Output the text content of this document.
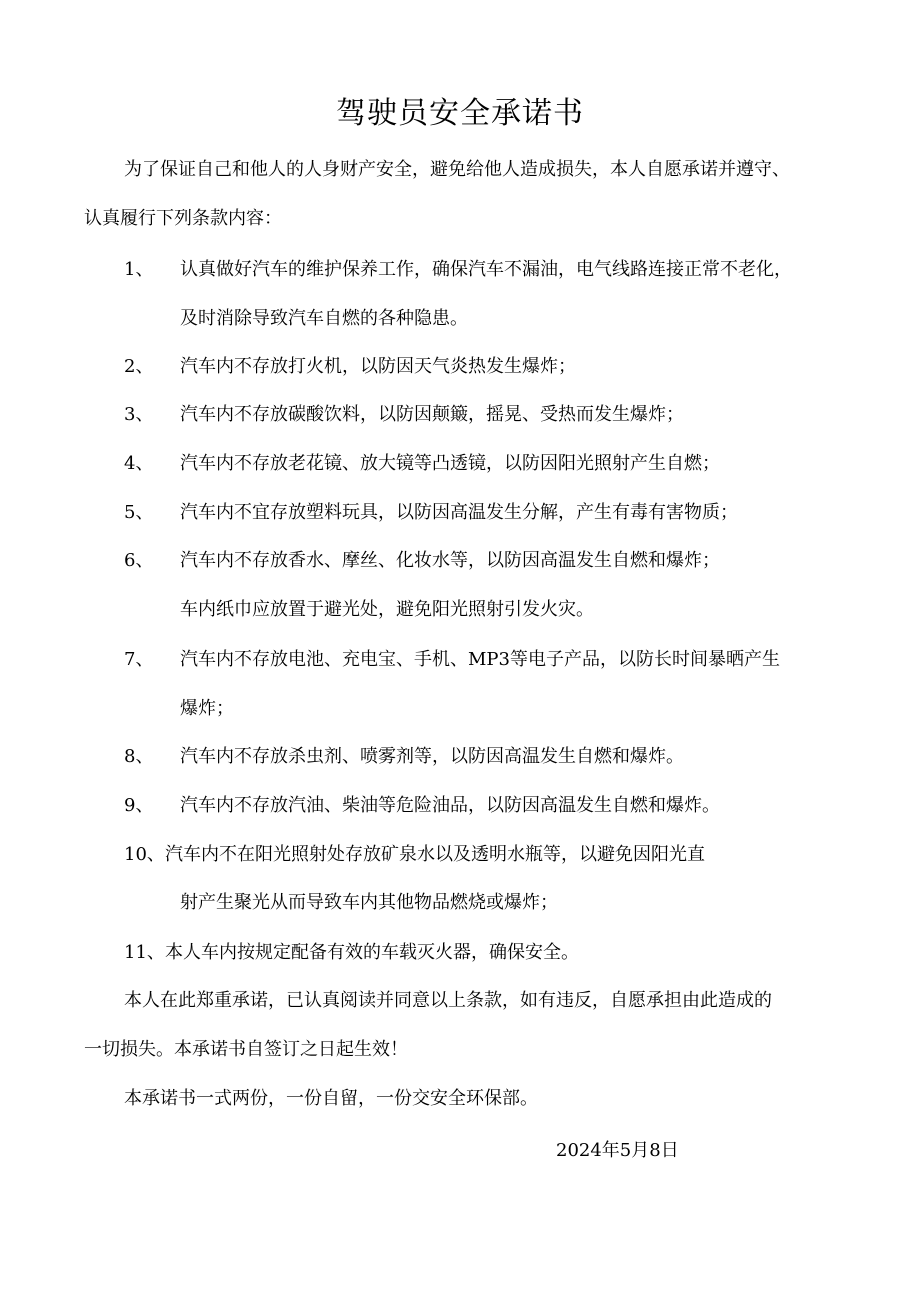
驾驶员安全承诺书
为了保证自己和他人的人身财产安全，避免给他人造成损失，本人自愿承诺并遵守、
认真履行下列条款内容：
1、 认真做好汽车的维护保养工作，确保汽车不漏油，电气线路连接正常不老化，
及时消除导致汽车自燃的各种隐患。
2、 汽车内不存放打火机，以防因天气炎热发生爆炸；
3、 汽车内不存放碳酸饮料，以防因颠簸，摇晃、受热而发生爆炸；
4、 汽车内不存放老花镜、放大镜等凸透镜，以防因阳光照射产生自燃；
5、 汽车内不宜存放塑料玩具，以防因高温发生分解，产生有毒有害物质；
6、 汽车内不存放香水、摩丝、化妆水等，以防因高温发生自燃和爆炸；
车内纸巾应放置于避光处，避免阳光照射引发火灾。
7、 汽车内不存放电池、充电宝、手机、MP3等电子产品，以防长时间暴晒产生
爆炸；
8、 汽车内不存放杀虫剂、喷雾剂等，以防因高温发生自燃和爆炸。
9、 汽车内不存放汽油、柴油等危险油品，以防因高温发生自燃和爆炸。
10、 汽车内不在阳光照射处存放矿泉水以及透明水瓶等，以避免因阳光直
射产生聚光从而导致车内其他物品燃烧或爆炸；
11、 本人车内按规定配备有效的车载灭火器，确保安全。
本人在此郑重承诺，已认真阅读并同意以上条款，如有违反，自愿承担由此造成的
一切损失。本承诺书自签订之日起生效！
本承诺书一式两份，一份自留，一份交安全环保部。
2024年5月8日
